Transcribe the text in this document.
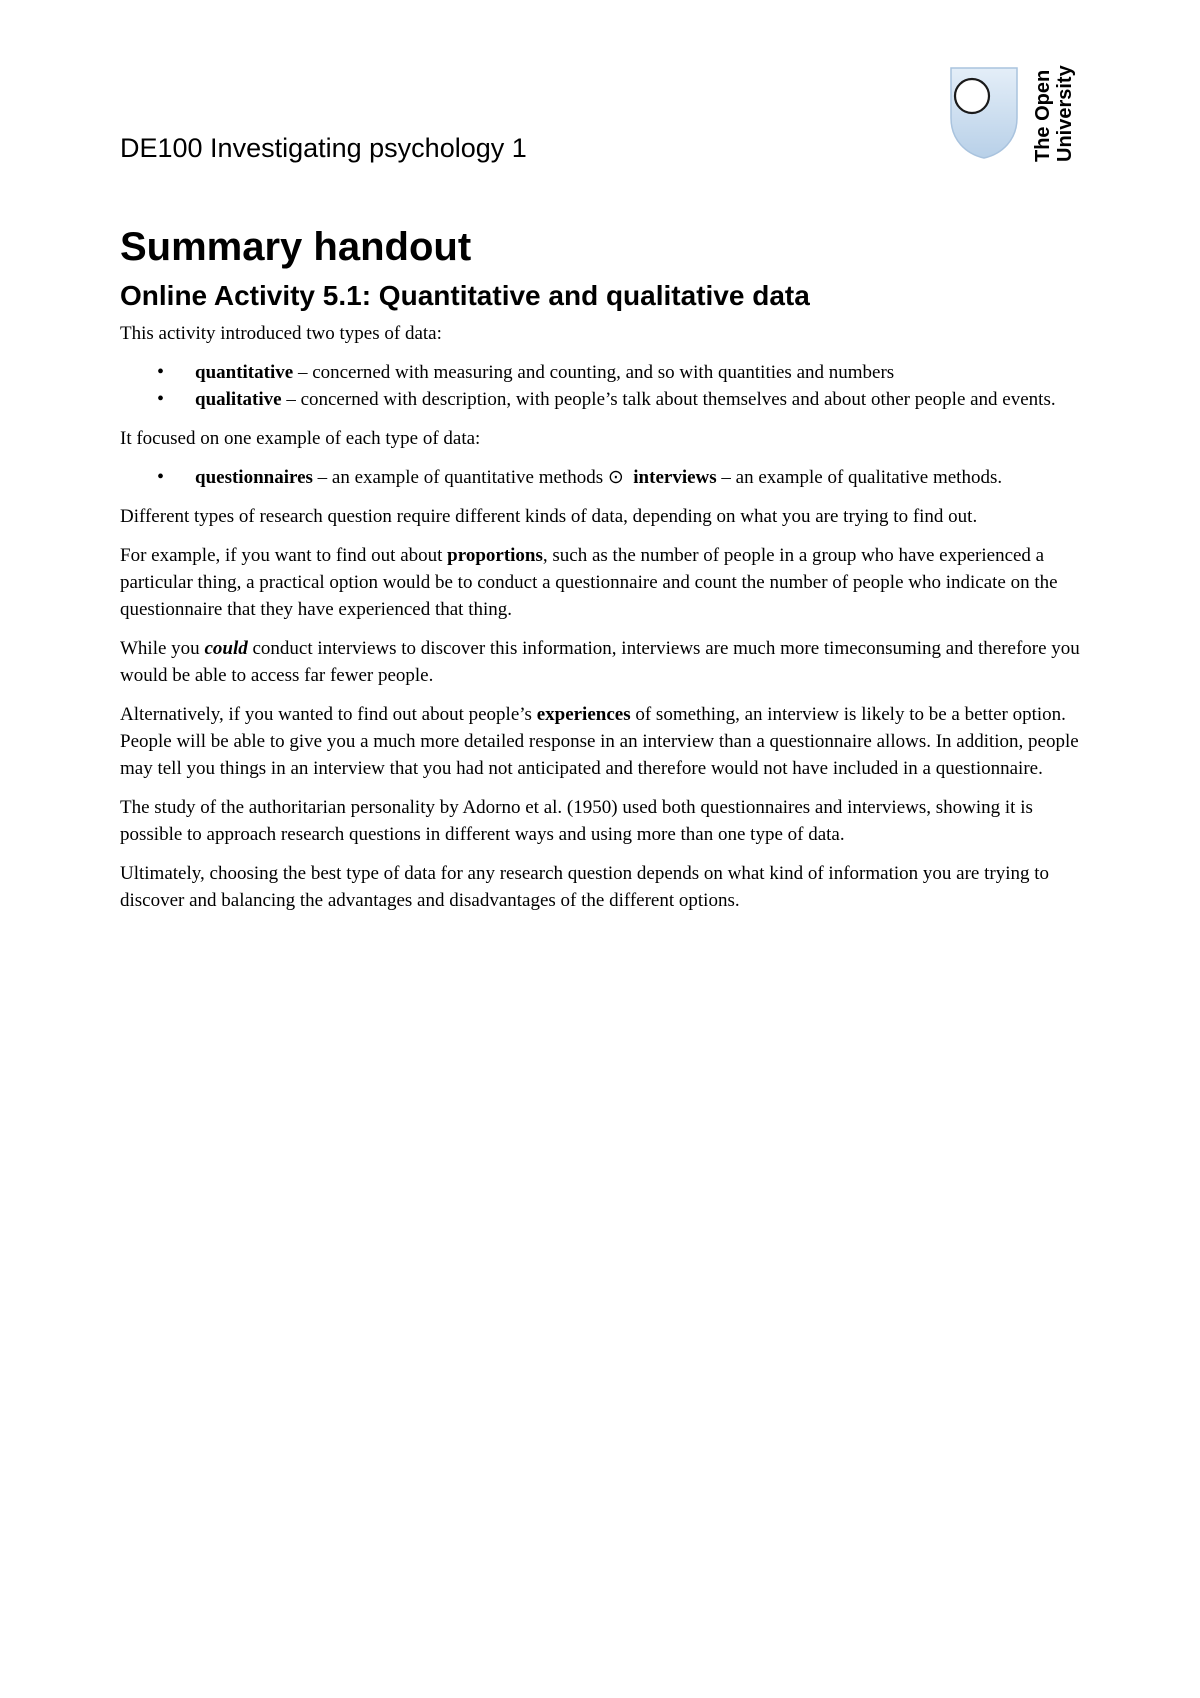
DE100 Investigating psychology 1	The Open University
Summary handout
Online Activity 5.1: Quantitative and qualitative data

This activity introduced two types of data:

• quantitative – concerned with measuring and counting, and so with quantities and numbers
• qualitative – concerned with description, with people’s talk about themselves and about other people and events.

It focused on one example of each type of data:

• questionnaires – an example of quantitative methods ⊙ interviews – an example of qualitative methods.

Different types of research question require different kinds of data, depending on what you are trying to find out.

For example, if you want to find out about proportions, such as the number of people in a group who have experienced a particular thing, a practical option would be to conduct a questionnaire and count the number of people who indicate on the questionnaire that they have experienced that thing.

While you could conduct interviews to discover this information, interviews are much more timeconsuming and therefore you would be able to access far fewer people.

Alternatively, if you wanted to find out about people’s experiences of something, an interview is likely to be a better option. People will be able to give you a much more detailed response in an interview than a questionnaire allows. In addition, people may tell you things in an interview that you had not anticipated and therefore would not have included in a questionnaire.

The study of the authoritarian personality by Adorno et al. (1950) used both questionnaires and interviews, showing it is possible to approach research questions in different ways and using more than one type of data.

Ultimately, choosing the best type of data for any research question depends on what kind of information you are trying to discover and balancing the advantages and disadvantages of the different options.
